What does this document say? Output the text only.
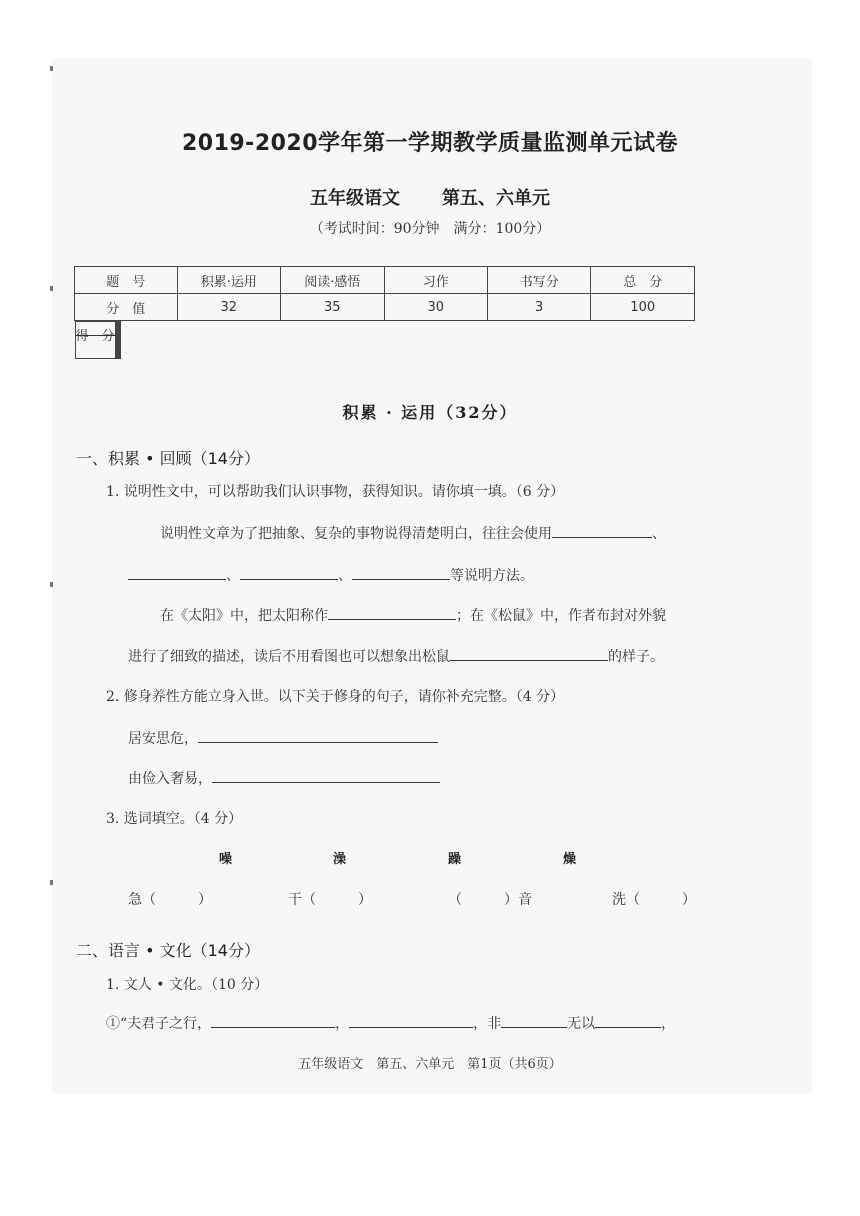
2019-2020学年第一学期教学质量监测单元试卷
五年级语文 第五、六单元
（考试时间：90分钟　满分：100分）
题　号	积累·运用	阅读·感悟	习作	书写分	总　分
分　值	32	35	30	3	100
得　分					
积累 · 运用（32分）
一、积累 • 回顾（14分）
1. 说明性文中，可以帮助我们认识事物，获得知识。请你填一填。（6 分）
说明性文章为了把抽象、复杂的事物说得清楚明白，往往会使用	、
、	、	等说明方法。
在《太阳》中，把太阳称作	；在《松鼠》中，作者布封对外貌
进行了细致的描述，读后不用看图也可以想象出松鼠	的样子。
2. 修身养性方能立身入世。以下关于修身的句子，请你补充完整。（4 分）
居安思危，
由俭入奢易，
3. 选词填空。（4 分）
噪	澡	躁	燥
急（　　　）	干（　　　）	（　　　）音	洗（　　　）
二、语言 • 文化（14分）
1. 文人 • 文化。（10 分）
①“夫君子之行，	，	，非	无以	，
五年级语文　第五、六单元　第1页（共6页）
